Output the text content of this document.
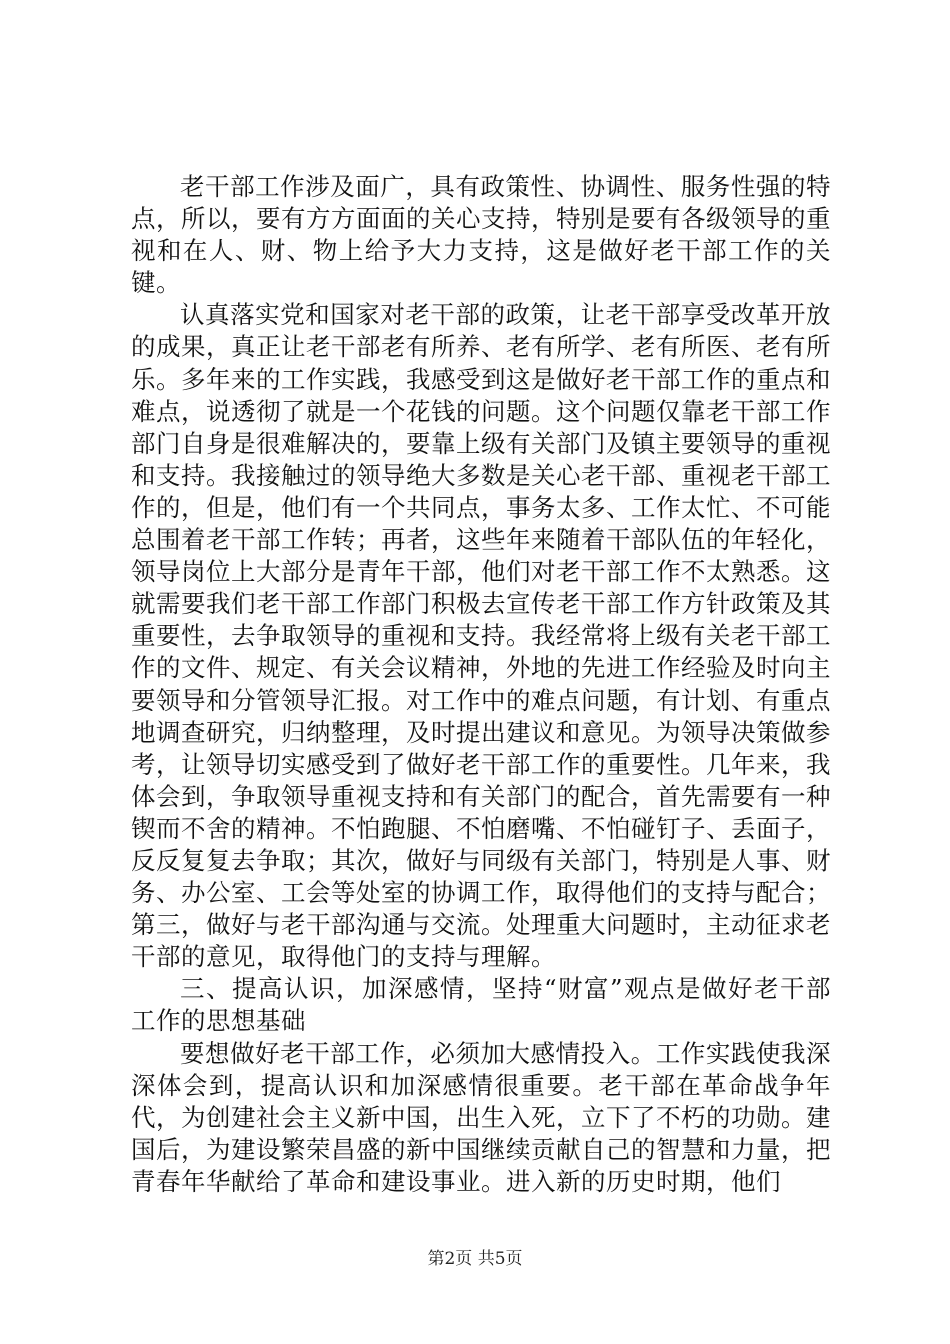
老干部工作涉及面广，具有政策性、协调性、服务性强的特点，所以，要有方方面面的关心支持，特别是要有各级领导的重视和在人、财、物上给予大力支持，这是做好老干部工作的关键。

认真落实党和国家对老干部的政策，让老干部享受改革开放的成果，真正让老干部老有所养、老有所学、老有所医、老有所乐。多年来的工作实践，我感受到这是做好老干部工作的重点和难点，说透彻了就是一个花钱的问题。这个问题仅靠老干部工作部门自身是很难解决的，要靠上级有关部门及镇主要领导的重视和支持。我接触过的领导绝大多数是关心老干部、重视老干部工作的，但是，他们有一个共同点，事务太多、工作太忙、不可能总围着老干部工作转；再者，这些年来随着干部队伍的年轻化，领导岗位上大部分是青年干部，他们对老干部工作不太熟悉。这就需要我们老干部工作部门积极去宣传老干部工作方针政策及其重要性，去争取领导的重视和支持。我经常将上级有关老干部工作的文件、规定、有关会议精神，外地的先进工作经验及时向主要领导和分管领导汇报。对工作中的难点问题，有计划、有重点地调查研究，归纳整理，及时提出建议和意见。为领导决策做参考，让领导切实感受到了做好老干部工作的重要性。几年来，我体会到，争取领导重视支持和有关部门的配合，首先需要有一种锲而不舍的精神。不怕跑腿、不怕磨嘴、不怕碰钉子、丢面子，反反复复去争取；其次，做好与同级有关部门，特别是人事、财务、办公室、工会等处室的协调工作，取得他们的支持与配合；第三，做好与老干部沟通与交流。处理重大问题时，主动征求老干部的意见，取得他门的支持与理解。

三、提高认识，加深感情，坚持“财富”观点是做好老干部工作的思想基础

要想做好老干部工作，必须加大感情投入。工作实践使我深深体会到，提高认识和加深感情很重要。老干部在革命战争年代，为创建社会主义新中国，出生入死，立下了不朽的功勋。建国后，为建设繁荣昌盛的新中国继续贡献自己的智慧和力量，把青春年华献给了革命和建设事业。进入新的历史时期，他们

第2页 共5页
